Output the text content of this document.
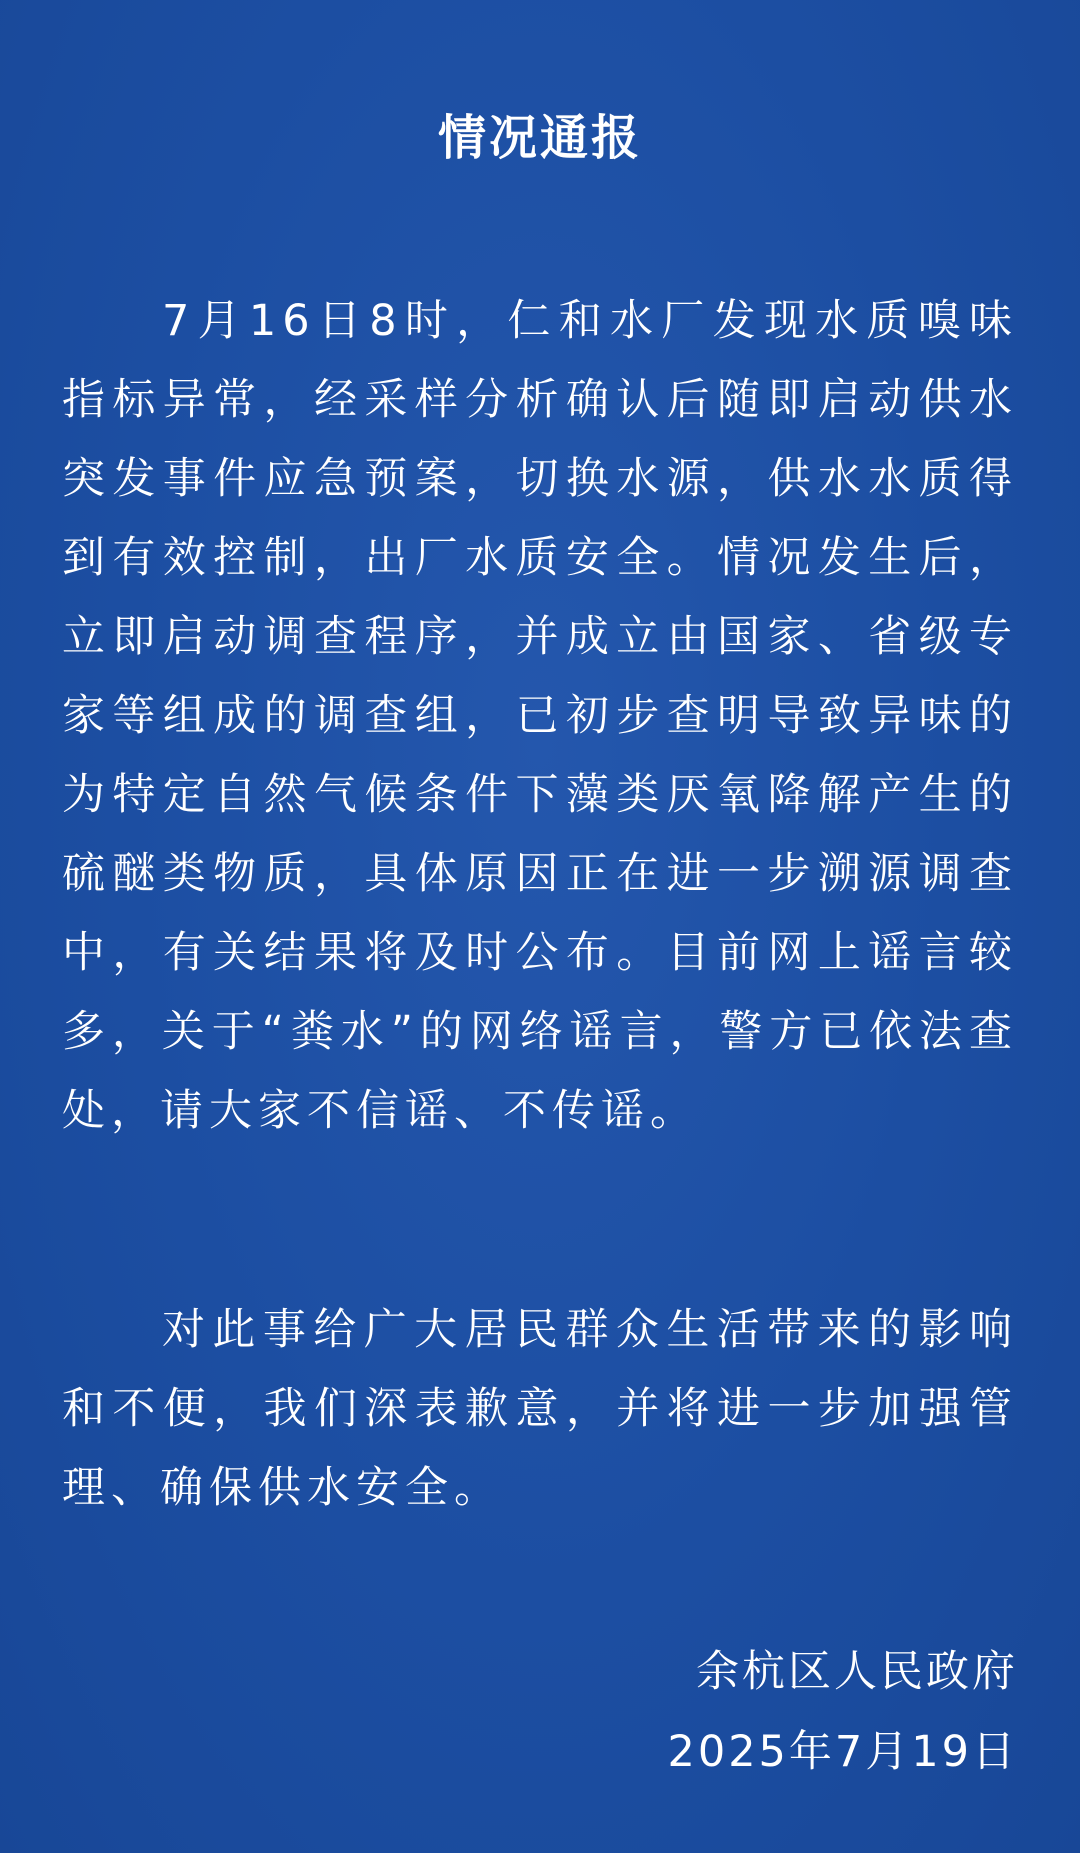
情况通报
7月16日8时，仁和水厂发现水质嗅味指标异常，经采样分析确认后随即启动供水突发事件应急预案，切换水源，供水水质得到有效控制，出厂水质安全。情况发生后，立即启动调查程序，并成立由国家、省级专家等组成的调查组，已初步查明导致异味的为特定自然气候条件下藻类厌氧降解产生的硫醚类物质，具体原因正在进一步溯源调查中，有关结果将及时公布。目前网上谣言较多，关于“粪水”的网络谣言，警方已依法查处，请大家不信谣、不传谣。
对此事给广大居民群众生活带来的影响和不便，我们深表歉意，并将进一步加强管理、确保供水安全。
余杭区人民政府
2025年7月19日
